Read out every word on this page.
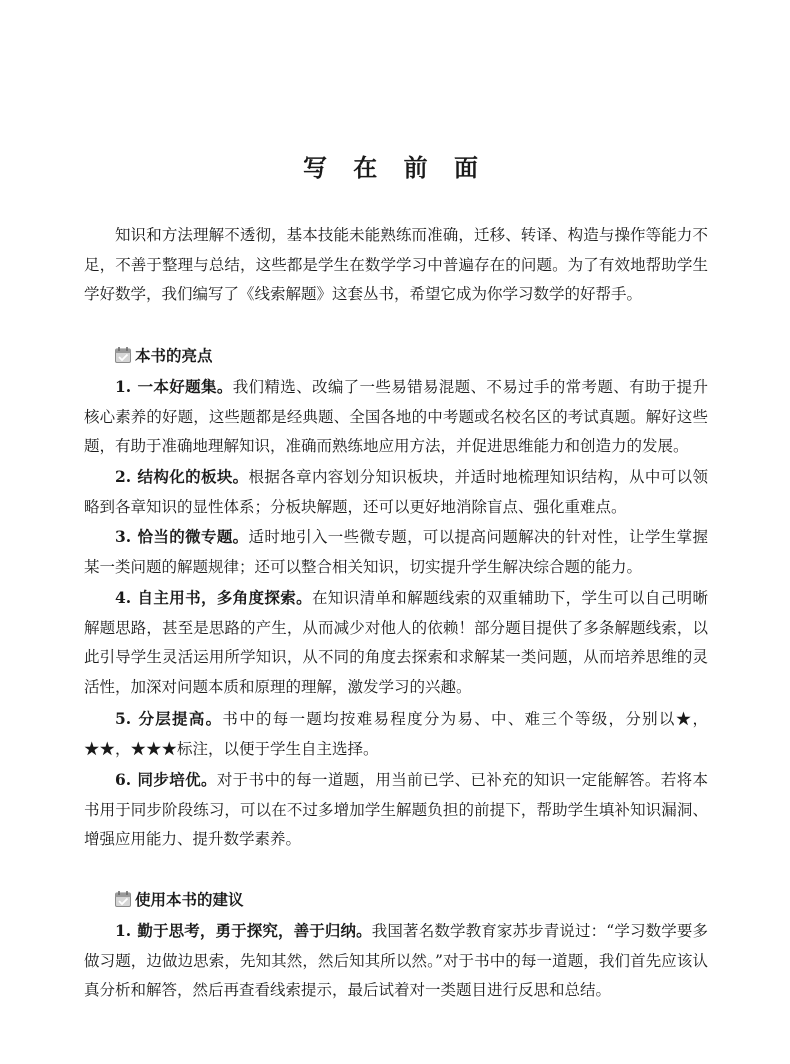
写 在 前 面

知识和方法理解不透彻，基本技能未能熟练而准确，迁移、转译、构造与操作等能力不足，不善于整理与总结，这些都是学生在数学学习中普遍存在的问题。为了有效地帮助学生学好数学，我们编写了《线索解题》这套丛书，希望它成为你学习数学的好帮手。

本书的亮点

1. 一本好题集。我们精选、改编了一些易错易混题、不易过手的常考题、有助于提升核心素养的好题，这些题都是经典题、全国各地的中考题或名校名区的考试真题。解好这些题，有助于准确地理解知识，准确而熟练地应用方法，并促进思维能力和创造力的发展。

2. 结构化的板块。根据各章内容划分知识板块，并适时地梳理知识结构，从中可以领略到各章知识的显性体系；分板块解题，还可以更好地消除盲点、强化重难点。

3. 恰当的微专题。适时地引入一些微专题，可以提高问题解决的针对性，让学生掌握某一类问题的解题规律；还可以整合相关知识，切实提升学生解决综合题的能力。

4. 自主用书，多角度探索。在知识清单和解题线索的双重辅助下，学生可以自己明晰解题思路，甚至是思路的产生，从而减少对他人的依赖！部分题目提供了多条解题线索，以此引导学生灵活运用所学知识，从不同的角度去探索和求解某一类问题，从而培养思维的灵活性，加深对问题本质和原理的理解，激发学习的兴趣。

5. 分层提高。书中的每一题均按难易程度分为易、中、难三个等级，分别以★，★★，★★★标注，以便于学生自主选择。

6. 同步培优。对于书中的每一道题，用当前已学、已补充的知识一定能解答。若将本书用于同步阶段练习，可以在不过多增加学生解题负担的前提下，帮助学生填补知识漏洞、增强应用能力、提升数学素养。

使用本书的建议

1. 勤于思考，勇于探究，善于归纳。我国著名数学教育家苏步青说过：“学习数学要多做习题，边做边思索，先知其然，然后知其所以然。”对于书中的每一道题，我们首先应该认真分析和解答，然后再查看线索提示，最后试着对一类题目进行反思和总结。
